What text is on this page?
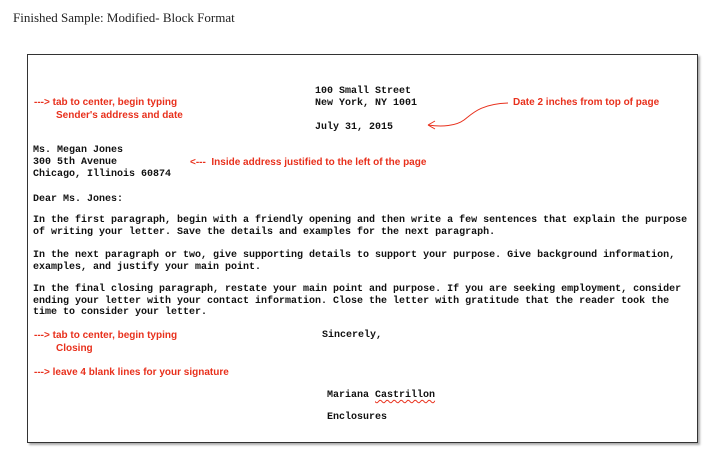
Finished Sample: Modified- Block Format
100 Small Street
New York, NY 1001
July 31, 2015
---> tab to center, begin typing
Sender's address and date
Date 2 inches from top of page
Ms. Megan Jones
300 5th Avenue
Chicago, Illinois 60874
<---  Inside address justified to the left of the page
Dear Ms. Jones:
In the first paragraph, begin with a friendly opening and then write a few sentences that explain the purpose of writing your letter. Save the details and examples for the next paragraph.
In the next paragraph or two, give supporting details to support your purpose. Give background information, examples, and justify your main point.
In the final closing paragraph, restate your main point and purpose. If you are seeking employment, consider ending your letter with your contact information. Close the letter with gratitude that the reader took the time to consider your letter.
---> tab to center, begin typing
Closing
---> leave 4 blank lines for your signature
Sincerely,
Mariana Castrillon
Enclosures
